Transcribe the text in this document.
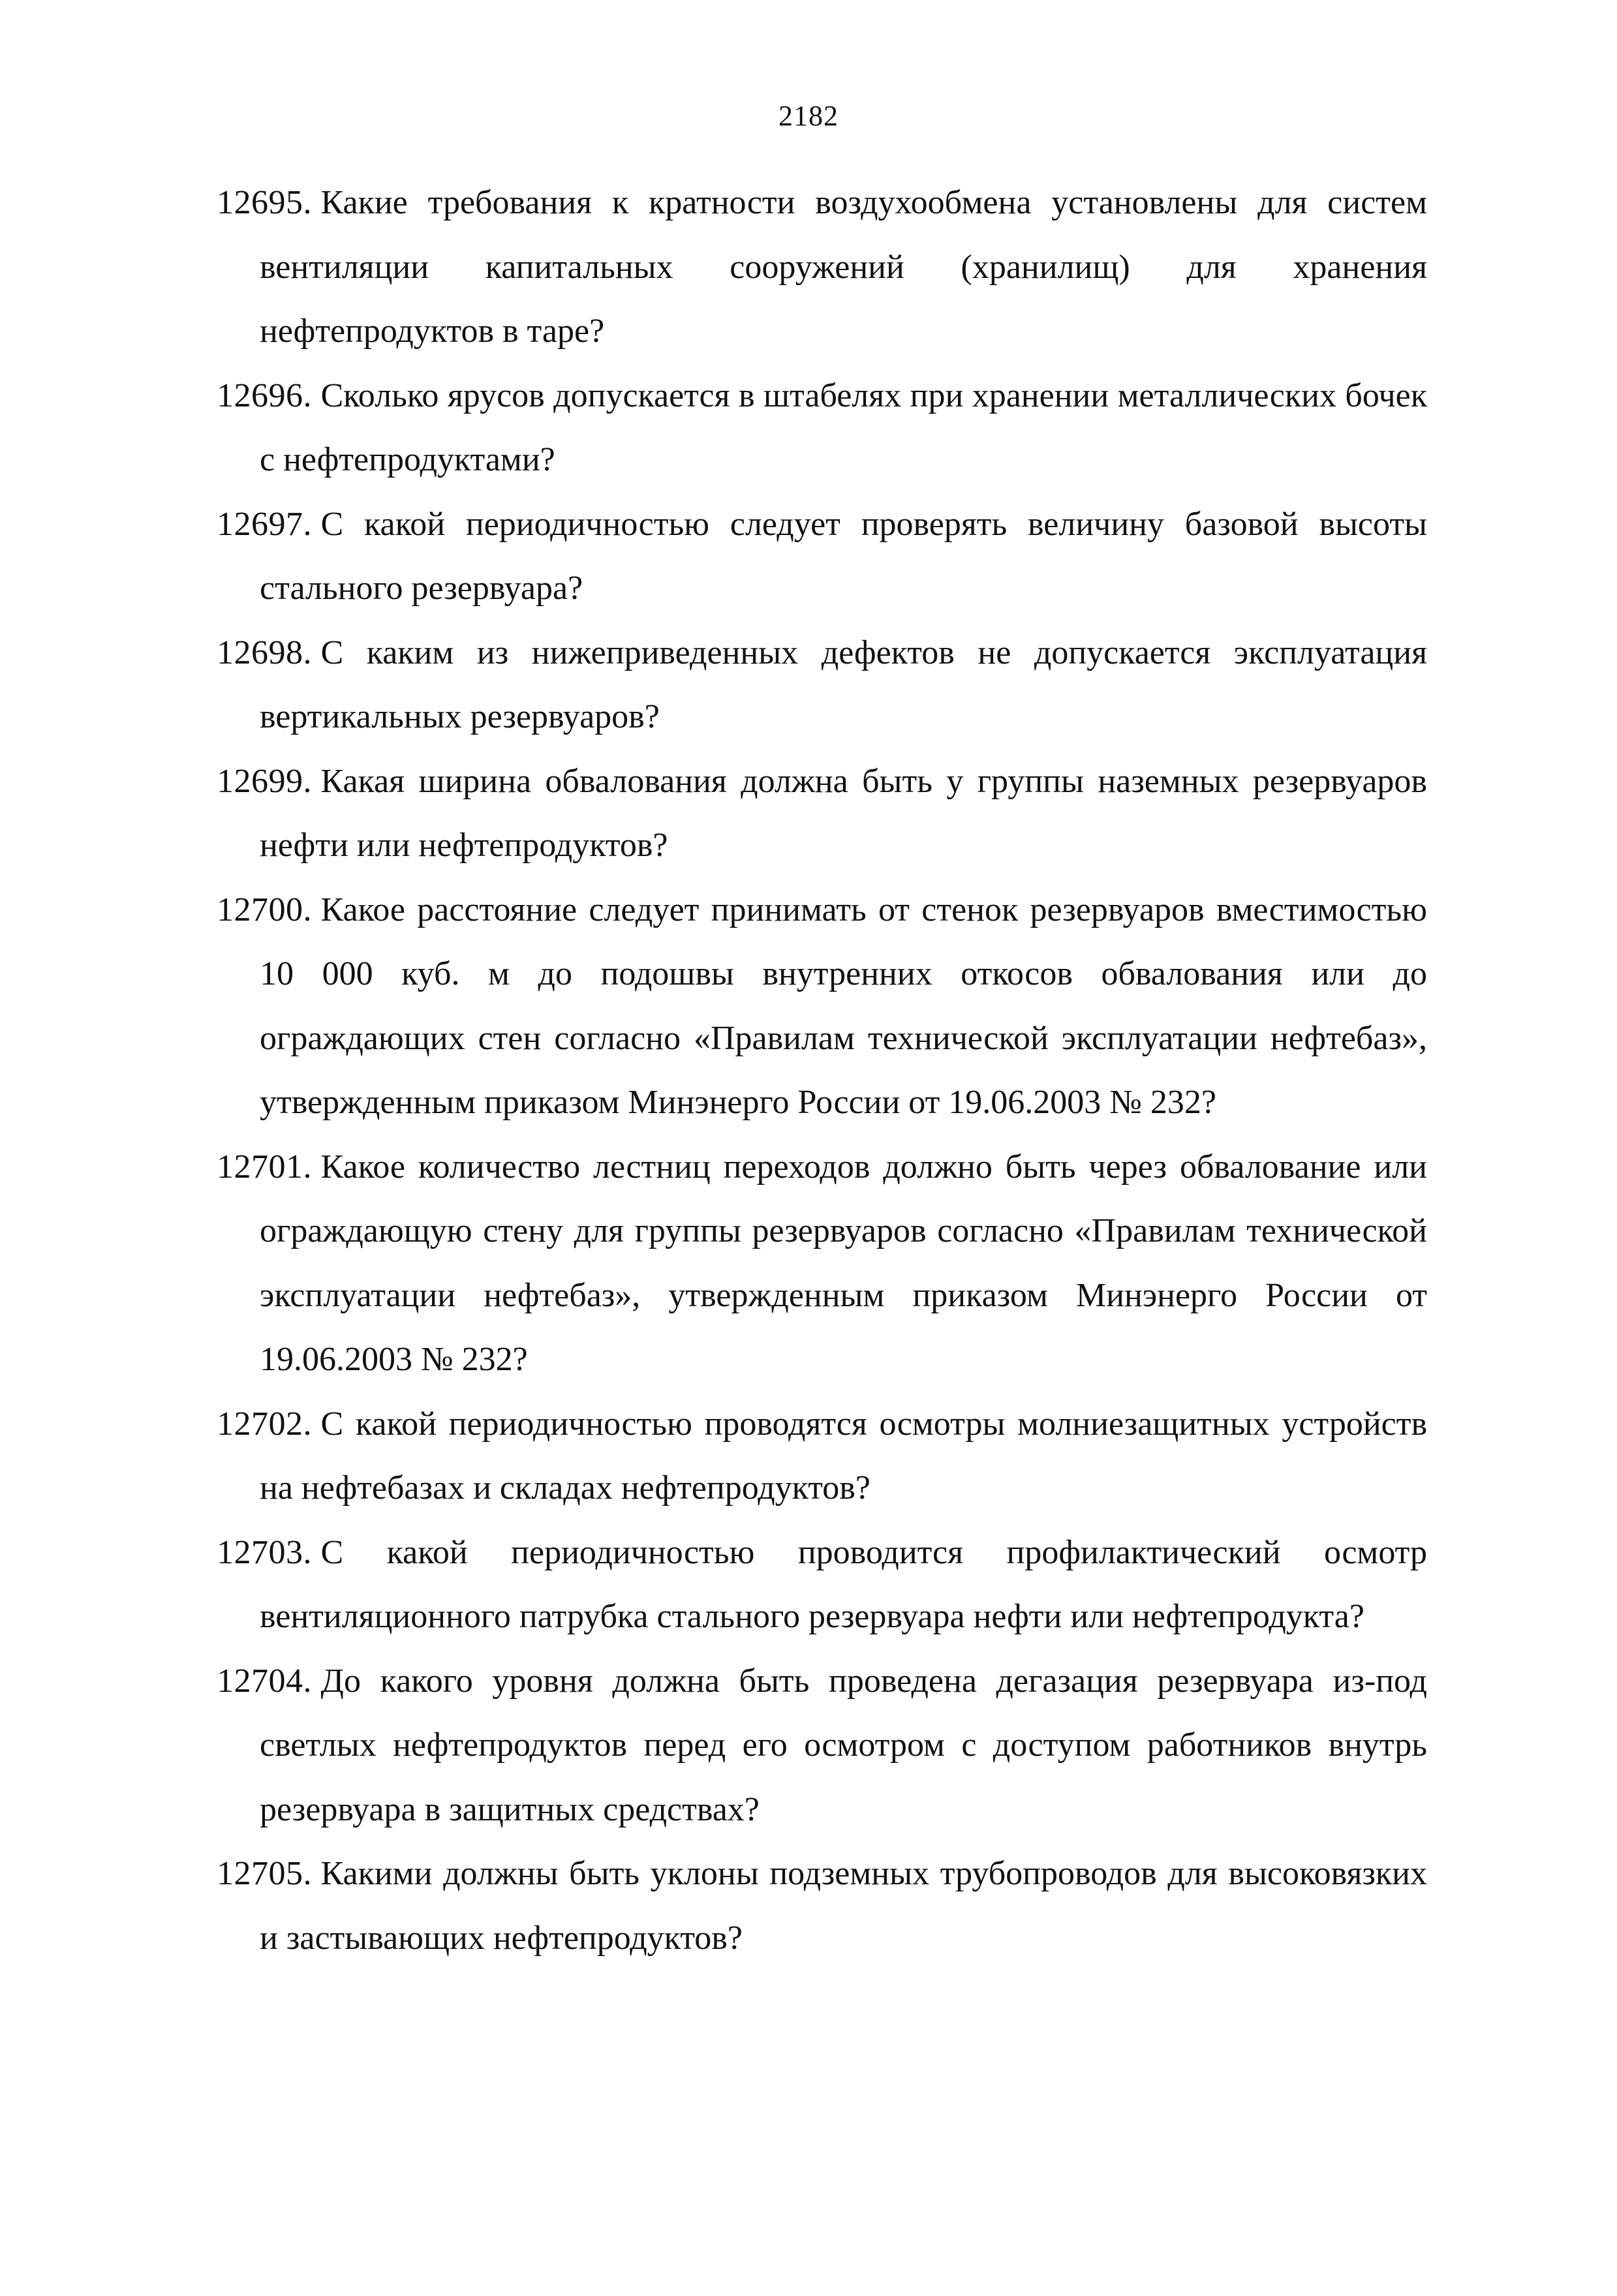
2182
12695. Какие требования к кратности воздухообмена установлены для систем вентиляции капитальных сооружений (хранилищ) для хранения нефтепродуктов в таре?
12696. Сколько ярусов допускается в штабелях при хранении металлических бочек с нефтепродуктами?
12697. С какой периодичностью следует проверять величину базовой высоты стального резервуара?
12698. С каким из нижеприведенных дефектов не допускается эксплуатация вертикальных резервуаров?
12699. Какая ширина обвалования должна быть у группы наземных резервуаров нефти или нефтепродуктов?
12700. Какое расстояние следует принимать от стенок резервуаров вместимостью 10 000 куб. м до подошвы внутренних откосов обвалования или до ограждающих стен согласно «Правилам технической эксплуатации нефтебаз», утвержденным приказом Минэнерго России от 19.06.2003 № 232?
12701. Какое количество лестниц переходов должно быть через обвалование или ограждающую стену для группы резервуаров согласно «Правилам технической эксплуатации нефтебаз», утвержденным приказом Минэнерго России от 19.06.2003 № 232?
12702. С какой периодичностью проводятся осмотры молниезащитных устройств на нефтебазах и складах нефтепродуктов?
12703. С какой периодичностью проводится профилактический осмотр вентиляционного патрубка стального резервуара нефти или нефтепродукта?
12704. До какого уровня должна быть проведена дегазация резервуара из-под светлых нефтепродуктов перед его осмотром с доступом работников внутрь резервуара в защитных средствах?
12705. Какими должны быть уклоны подземных трубопроводов для высоковязких и застывающих нефтепродуктов?
